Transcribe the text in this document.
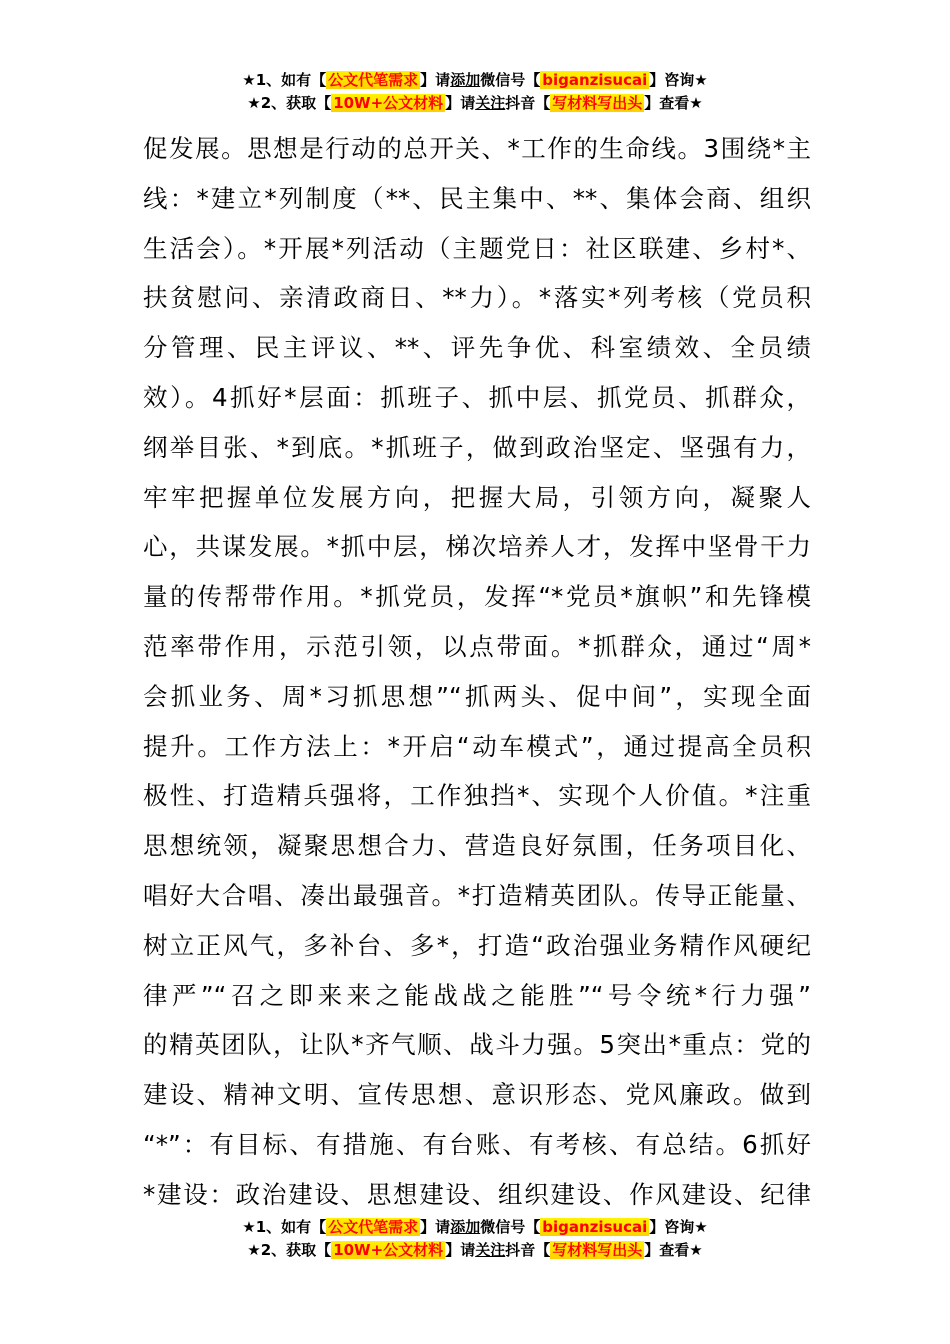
★1、如有【 公文代笔需求 】请添加微信号【 biganzisucai 】咨询★
★2、获取【 10W+公文材料 】请关注抖音【 写材料写出头 】查看★
促发展。思想是行动的总开关、*工作的生命线。3围绕*主
线：*建立*列制度（**、民主集中、**、集体会商、组织
生活会）。*开展*列活动（主题党日：社区联建、乡村*、
扶贫慰问、亲清政商日、**力）。*落实*列考核（党员积
分管理、民主评议、**、评先争优、科室绩效、全员绩
效）。4抓好*层面：抓班子、抓中层、抓党员、抓群众，
纲举目张、*到底。*抓班子，做到政治坚定、坚强有力，
牢牢把握单位发展方向，把握大局，引领方向，凝聚人
心，共谋发展。*抓中层，梯次培养人才，发挥中坚骨干力
量的传帮带作用。*抓党员，发挥“*党员*旗帜”和先锋模
范率带作用，示范引领，以点带面。*抓群众，通过“周*
会抓业务、周*习抓思想”“抓两头、促中间”，实现全面
提升。工作方法上：*开启“动车模式”，通过提高全员积
极性、打造精兵强将，工作独挡*、实现个人价值。*注重
思想统领，凝聚思想合力、营造良好氛围，任务项目化、
唱好大合唱、凑出最强音。*打造精英团队。传导正能量、
树立正风气，多补台、多*，打造“政治强业务精作风硬纪
律严”“召之即来来之能战战之能胜”“号令统*行力强”
的精英团队，让队*齐气顺、战斗力强。5突出*重点：党的
建设、精神文明、宣传思想、意识形态、党风廉政。做到
“*”：有目标、有措施、有台账、有考核、有总结。6抓好
*建设：政治建设、思想建设、组织建设、作风建设、纪律
★1、如有【 公文代笔需求 】请添加微信号【 biganzisucai 】咨询★
★2、获取【 10W+公文材料 】请关注抖音【 写材料写出头 】查看★
